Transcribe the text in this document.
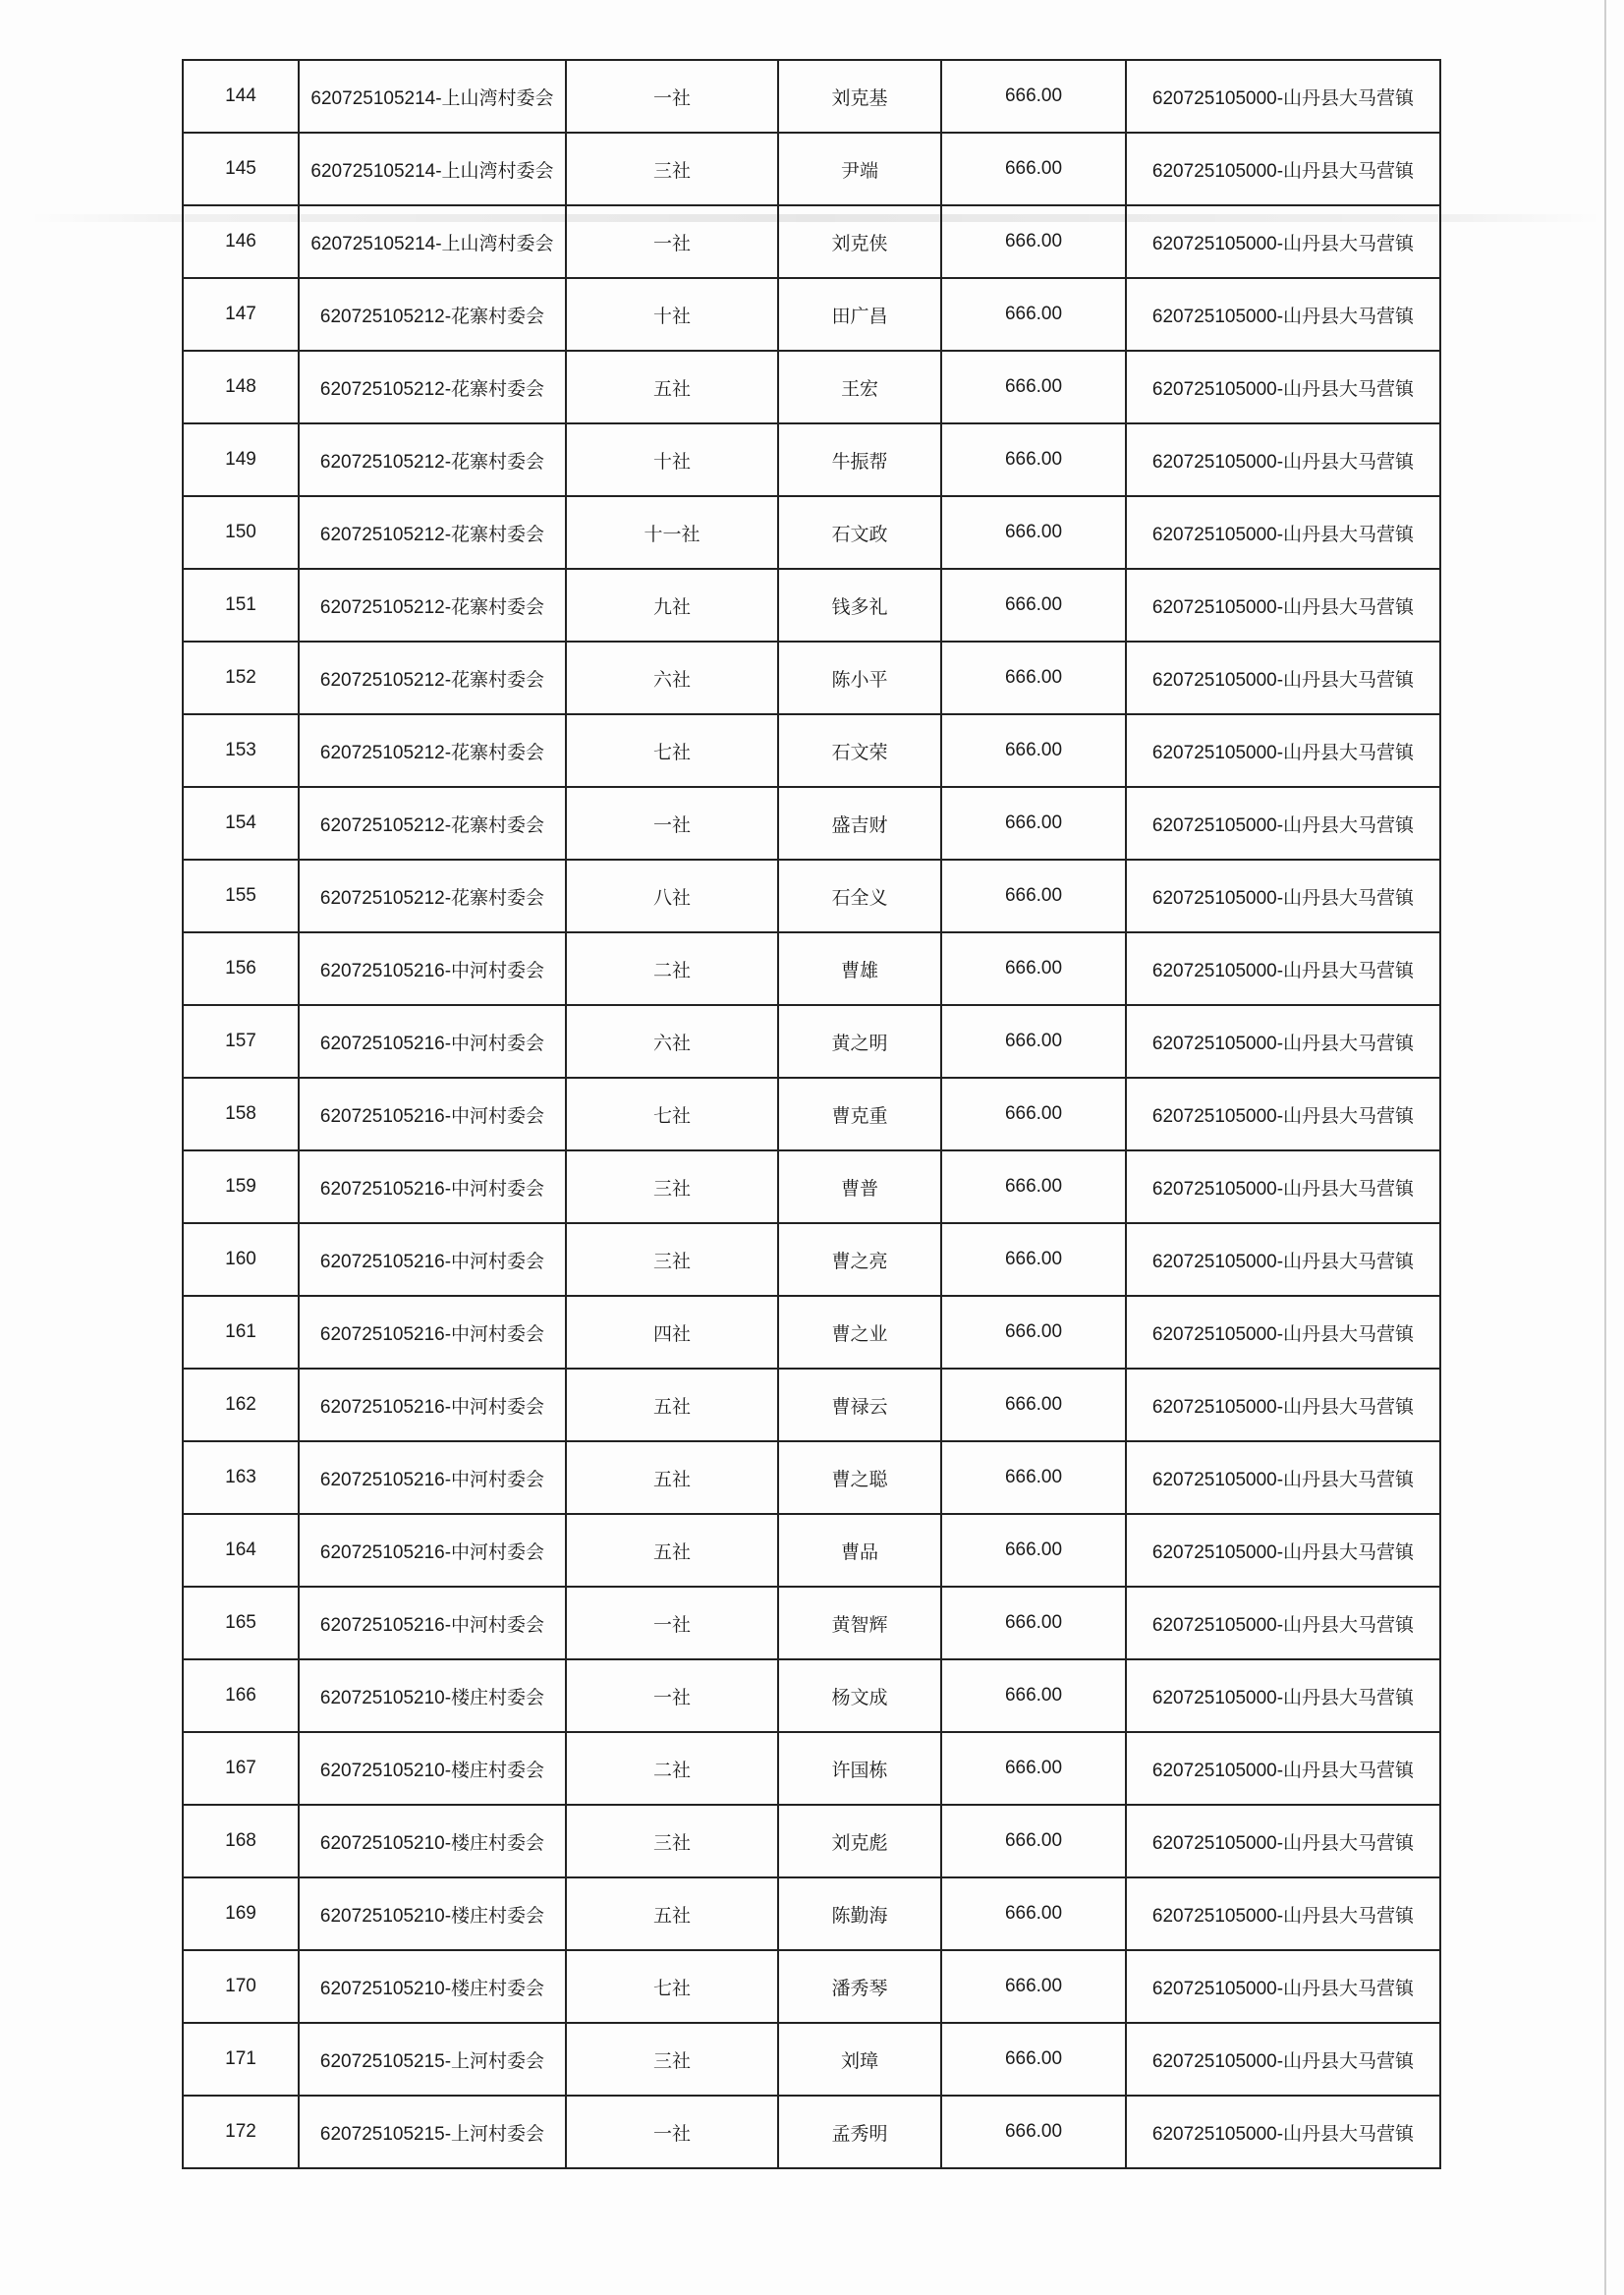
144	620725105214-上山湾村委会	一社	刘克基	666.00	620725105000-山丹县大马营镇
145	620725105214-上山湾村委会	三社	尹端	666.00	620725105000-山丹县大马营镇
146	620725105214-上山湾村委会	一社	刘克侠	666.00	620725105000-山丹县大马营镇
147	620725105212-花寨村委会	十社	田广昌	666.00	620725105000-山丹县大马营镇
148	620725105212-花寨村委会	五社	王宏	666.00	620725105000-山丹县大马营镇
149	620725105212-花寨村委会	十社	牛振帮	666.00	620725105000-山丹县大马营镇
150	620725105212-花寨村委会	十一社	石文政	666.00	620725105000-山丹县大马营镇
151	620725105212-花寨村委会	九社	钱多礼	666.00	620725105000-山丹县大马营镇
152	620725105212-花寨村委会	六社	陈小平	666.00	620725105000-山丹县大马营镇
153	620725105212-花寨村委会	七社	石文荣	666.00	620725105000-山丹县大马营镇
154	620725105212-花寨村委会	一社	盛吉财	666.00	620725105000-山丹县大马营镇
155	620725105212-花寨村委会	八社	石全义	666.00	620725105000-山丹县大马营镇
156	620725105216-中河村委会	二社	曹雄	666.00	620725105000-山丹县大马营镇
157	620725105216-中河村委会	六社	黄之明	666.00	620725105000-山丹县大马营镇
158	620725105216-中河村委会	七社	曹克重	666.00	620725105000-山丹县大马营镇
159	620725105216-中河村委会	三社	曹普	666.00	620725105000-山丹县大马营镇
160	620725105216-中河村委会	三社	曹之亮	666.00	620725105000-山丹县大马营镇
161	620725105216-中河村委会	四社	曹之业	666.00	620725105000-山丹县大马营镇
162	620725105216-中河村委会	五社	曹禄云	666.00	620725105000-山丹县大马营镇
163	620725105216-中河村委会	五社	曹之聪	666.00	620725105000-山丹县大马营镇
164	620725105216-中河村委会	五社	曹品	666.00	620725105000-山丹县大马营镇
165	620725105216-中河村委会	一社	黄智辉	666.00	620725105000-山丹县大马营镇
166	620725105210-楼庄村委会	一社	杨文成	666.00	620725105000-山丹县大马营镇
167	620725105210-楼庄村委会	二社	许国栋	666.00	620725105000-山丹县大马营镇
168	620725105210-楼庄村委会	三社	刘克彪	666.00	620725105000-山丹县大马营镇
169	620725105210-楼庄村委会	五社	陈勤海	666.00	620725105000-山丹县大马营镇
170	620725105210-楼庄村委会	七社	潘秀琴	666.00	620725105000-山丹县大马营镇
171	620725105215-上河村委会	三社	刘璋	666.00	620725105000-山丹县大马营镇
172	620725105215-上河村委会	一社	孟秀明	666.00	620725105000-山丹县大马营镇
